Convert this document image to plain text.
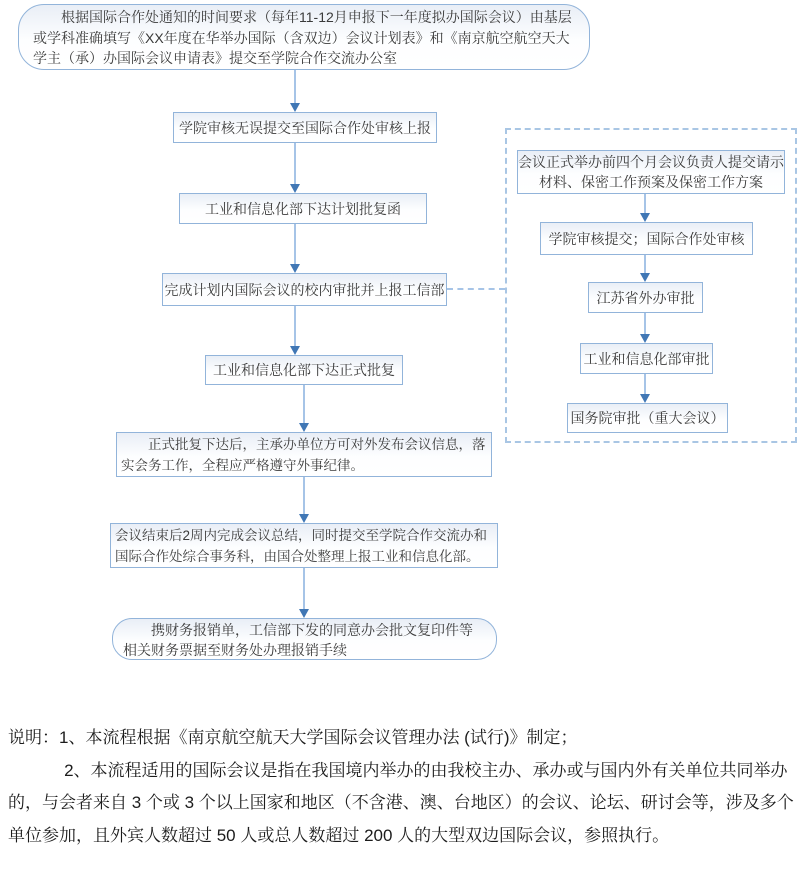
根据国际合作处通知的时间要求（每年11-12月申报下一年度拟办国际会议）由基层或学科准确填写《XX年度在华举办国际（含双边）会议计划表》和《南京航空航空天大学主（承）办国际会议申请表》提交至学院合作交流办公室
学院审核无误提交至国际合作处审核上报
工业和信息化部下达计划批复函
完成计划内国际会议的校内审批并上报工信部
工业和信息化部下达正式批复
正式批复下达后，主承办单位方可对外发布会议信息，落实会务工作，全程应严格遵守外事纪律。
会议结束后2周内完成会议总结，同时提交至学院合作交流办和国际合作处综合事务科，由国合处整理上报工业和信息化部。
携财务报销单，工信部下发的同意办会批文复印件等相关财务票据至财务处办理报销手续
会议正式举办前四个月会议负责人提交请示材料、保密工作预案及保密工作方案
学院审核提交；国际合作处审核
江苏省外办审批
工业和信息化部审批
国务院审批（重大会议）

说明：1、本流程根据《南京航空航天大学国际会议管理办法 (试行)》制定；

2、本流程适用的国际会议是指在我国境内举办的由我校主办、承办或与国内外有关单位共同举办的，与会者来自 3 个或 3 个以上国家和地区（不含港、澳、台地区）的会议、论坛、研讨会等，涉及多个单位参加，且外宾人数超过 50 人或总人数超过 200 人的大型双边国际会议，参照执行。
